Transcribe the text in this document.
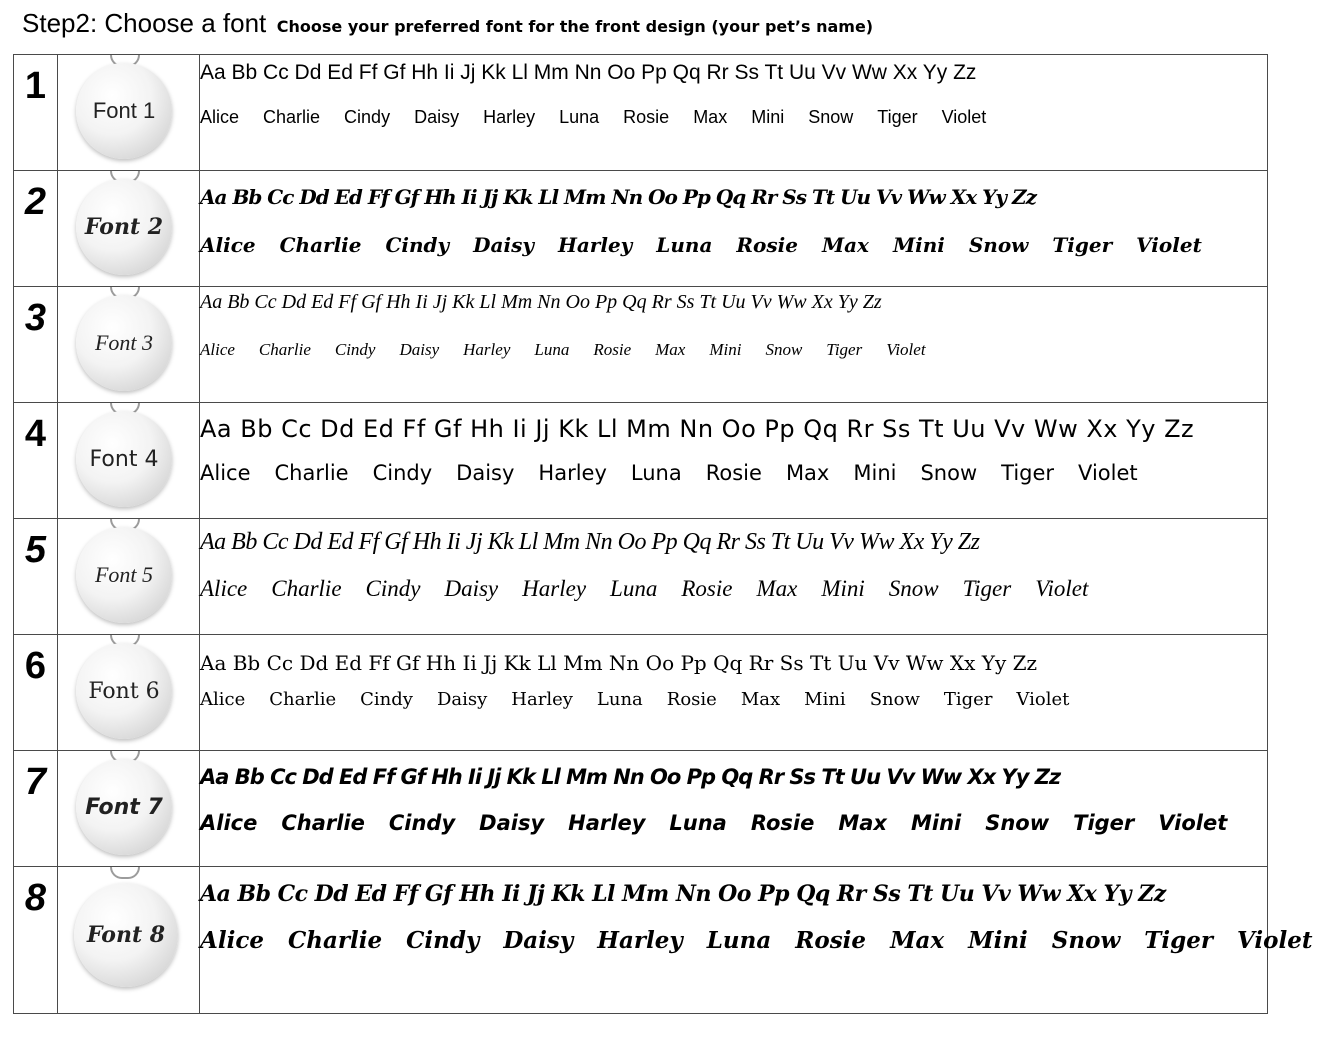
Step2: Choose a font Choose your preferred font for the front design (your pet’s name)
1	Font 1	Aa Bb Cc Dd Ed Ff Gf Hh Ii Jj Kk Ll Mm Nn Oo Pp Qq Rr Ss Tt Uu Vv Ww Xx Yy Zz
Alice Charlie Cindy Daisy Harley Luna Rosie Max Mini Snow Tiger Violet

2	Font 2	Aa Bb Cc Dd Ed Ff Gf Hh Ii Jj Kk Ll Mm Nn Oo Pp Qq Rr Ss Tt Uu Vv Ww Xx Yy Zz
Alice Charlie Cindy Daisy Harley Luna Rosie Max Mini Snow Tiger Violet

3	Font 3	Aa Bb Cc Dd Ed Ff Gf Hh Ii Jj Kk Ll Mm Nn Oo Pp Qq Rr Ss Tt Uu Vv Ww Xx Yy Zz
Alice Charlie Cindy Daisy Harley Luna Rosie Max Mini Snow Tiger Violet

4	Font 4	Aa Bb Cc Dd Ed Ff Gf Hh Ii Jj Kk Ll Mm Nn Oo Pp Qq Rr Ss Tt Uu Vv Ww Xx Yy Zz
Alice Charlie Cindy Daisy Harley Luna Rosie Max Mini Snow Tiger Violet

5	Font 5	Aa Bb Cc Dd Ed Ff Gf Hh Ii Jj Kk Ll Mm Nn Oo Pp Qq Rr Ss Tt Uu Vv Ww Xx Yy Zz
Alice Charlie Cindy Daisy Harley Luna Rosie Max Mini Snow Tiger Violet

6	Font 6	Aa Bb Cc Dd Ed Ff Gf Hh Ii Jj Kk Ll Mm Nn Oo Pp Qq Rr Ss Tt Uu Vv Ww Xx Yy Zz
Alice Charlie Cindy Daisy Harley Luna Rosie Max Mini Snow Tiger Violet

7	Font 7	Aa Bb Cc Dd Ed Ff Gf Hh Ii Jj Kk Ll Mm Nn Oo Pp Qq Rr Ss Tt Uu Vv Ww Xx Yy Zz
Alice Charlie Cindy Daisy Harley Luna Rosie Max Mini Snow Tiger Violet

8	Font 8	Aa Bb Cc Dd Ed Ff Gf Hh Ii Jj Kk Ll Mm Nn Oo Pp Qq Rr Ss Tt Uu Vv Ww Xx Yy Zz
Alice Charlie Cindy Daisy Harley Luna Rosie Max Mini Snow Tiger Violet
